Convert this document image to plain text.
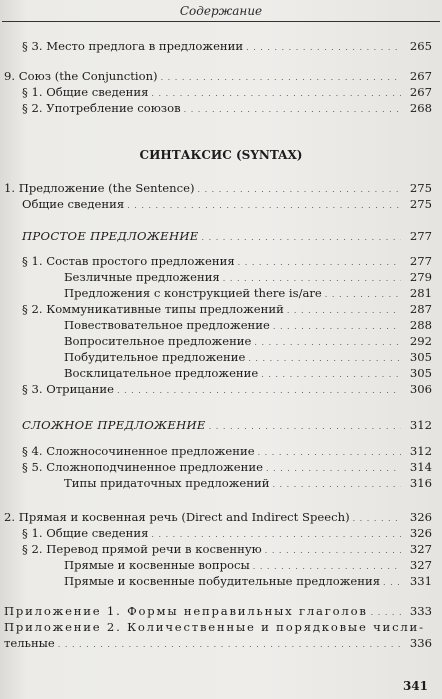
Содержание
СИНТАКСИС (SYNTAX)
§ 3. Место предлога в предложении . . .	265
9. Союз (the Conjunction) . . .	267
§ 1. Общие сведения . . .	267
§ 2. Употребление союзов . . .	268
1. Предложение (the Sentence) . . .	275
Общие сведения . . .	275
ПРОСТОЕ ПРЕДЛОЖЕНИЕ . . .	277
§ 1. Состав простого предложения . . .	277
Безличные предложения . . .	279
Предложения с конструкцией there is/are . . .	281
§ 2. Коммуникативные типы предложений . . .	287
Повествовательное предложение . . .	288
Вопросительное предложение . . .	292
Побудительное предложение . . .	305
Восклицательное предложение . . .	305
§ 3. Отрицание . . .	306
СЛОЖНОЕ ПРЕДЛОЖЕНИЕ . . .	312
§ 4. Сложносочиненное предложение . . .	312
§ 5. Сложноподчиненное предложение . . .	314
Типы придаточных предложений . . .	316
2. Прямая и косвенная речь (Direct and Indirect Speech) . . .	326
§ 1. Общие сведения . . .	326
§ 2. Перевод прямой речи в косвенную . . .	327
Прямые и косвенные вопросы . . .	327
Прямые и косвенные побудительные предложения . . .	331
Приложение 1. Формы неправильных глаголов . . .	333
Приложение 2. Количественные и порядковые числи-
тельные . . .	336
341
